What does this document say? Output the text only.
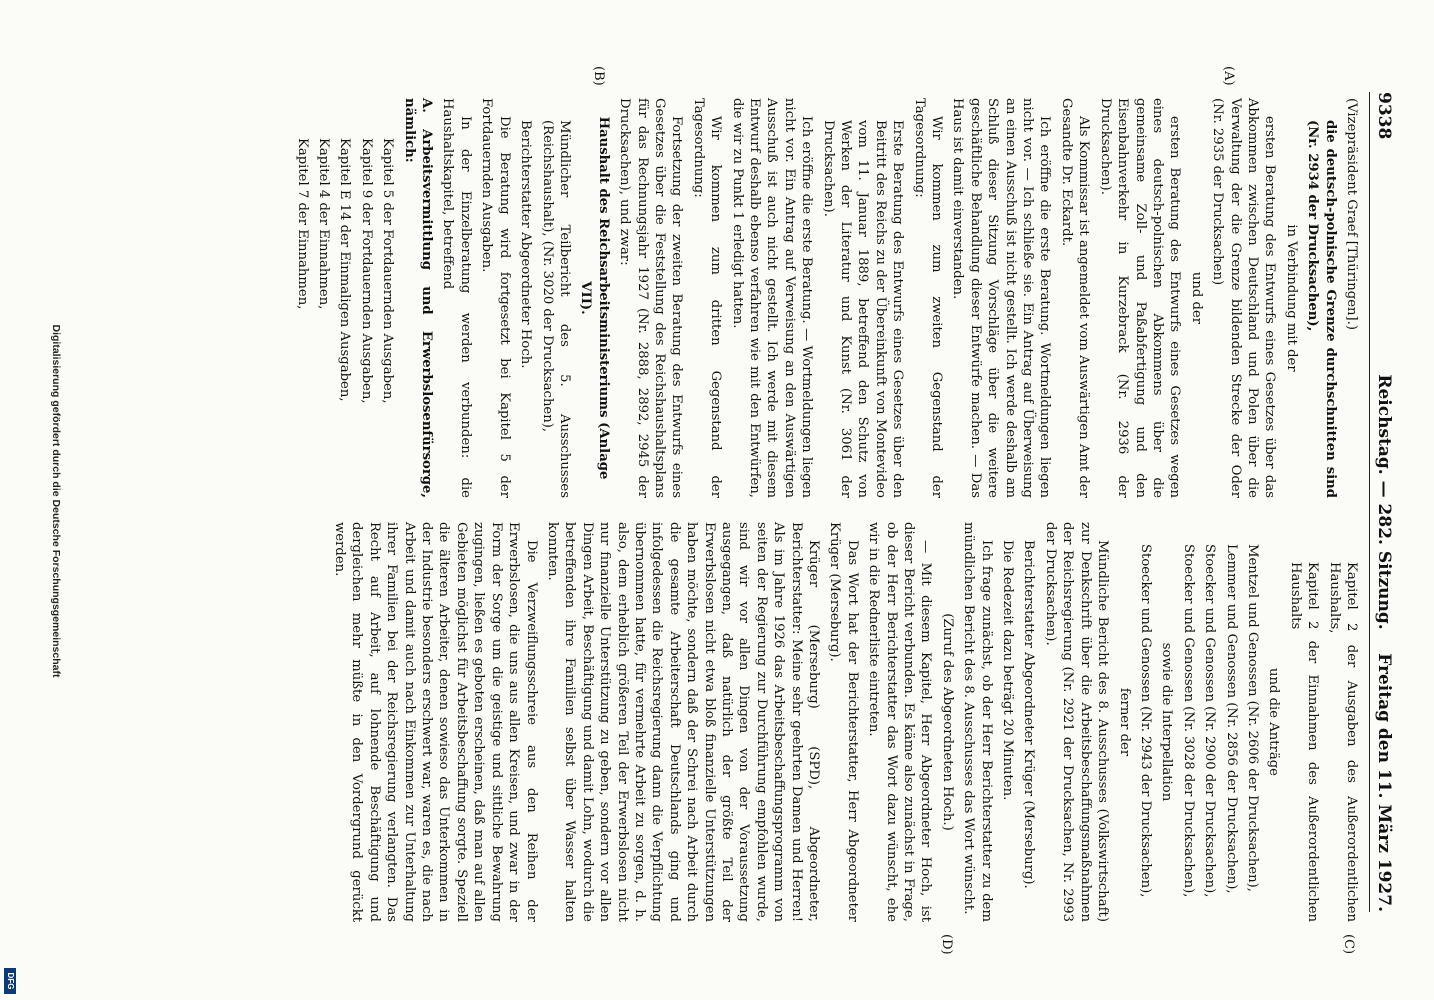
9338
Reichstag. — 282. Sitzung.
Freitag den 11. März 1927.
(A)
(B)
(C)
(D)

(Vizepräsident Graef [Thüringen].)

die deutsch-polnische Grenze durchschnitten sind (Nr. 2934 der Drucksachen),

in Verbindung mit der

ersten Beratung des Entwurfs eines Gesetzes über das Abkommen zwischen Deutschland und Polen über die Verwaltung der die Grenze bildenden Strecke der Oder (Nr. 2935 der Drucksachen)

und der

ersten Beratung des Entwurfs eines Gesetzes wegen eines deutsch-polnischen Abkommens über die gemeinsame Zoll- und Paßabfertigung und den Eisenbahnverkehr in Kurzebrack (Nr. 2936 der Drucksachen).

Als Kommissar ist angemeldet vom Auswärtigen Amt der Gesandte Dr. Eckardt.

Ich eröffne die erste Beratung. Wortmeldungen liegen nicht vor. — Ich schließe sie. Ein Antrag auf Überweisung an einen Ausschuß ist nicht gestellt. Ich werde deshalb am Schluß dieser Sitzung Vorschläge über die weitere geschäftliche Behandlung dieser Entwürfe machen. — Das Haus ist damit einverstanden.

Wir kommen zum zweiten Gegenstand der Tagesordnung:

Erste Beratung des Entwurfs eines Gesetzes über den Beitritt des Reichs zu der Übereinkunft von Montevideo vom 11. Januar 1889, betreffend den Schutz von Werken der Literatur und Kunst (Nr. 3061 der Drucksachen).

Ich eröffne die erste Beratung. — Wortmeldungen liegen nicht vor. Ein Antrag auf Verweisung an den Auswärtigen Ausschuß ist auch nicht gestellt. Ich werde mit diesem Entwurf deshalb ebenso verfahren wie mit den Entwürfen, die wir zu Punkt 1 erledigt hatten.

Wir kommen zum dritten Gegenstand der Tagesordnung:

Fortsetzung der zweiten Beratung des Entwurfs eines Gesetzes über die Feststellung des Reichshaushaltsplans für das Rechnungsjahr 1927 (Nr. 2888, 2892, 2945 der Drucksachen), und zwar:

Haushalt des Reichsarbeitsministeriums (Anlage VII).

Mündlicher Teilbericht des 5. Ausschusses (Reichshaushalt), (Nr. 3020 der Drucksachen),

Berichterstatter Abgeordneter Hoch.

Die Beratung wird fortgesetzt bei Kapitel 5 der Fortdauernden Ausgaben.

In der Einzelberatung werden verbunden: die Haushaltskapitel, betreffend

A. Arbeitsvermittlung und Erwerbslosenfürsorge, nämlich:

Kapitel 5 der Fortdauernden Ausgaben,

Kapitel 9 der Fortdauernden Ausgaben,

Kapitel E 14 der Einmaligen Ausgaben,

Kapitel 4 der Einnahmen,

Kapitel 7 der Einnahmen,

Kapitel 2 der Ausgaben des Außerordentlichen Haushalts,

Kapitel 2 der Einnahmen des Außerordentlichen Haushalts

und die Anträge

Mentzel und Genossen (Nr. 2606 der Drucksachen),

Lemmer und Genossen (Nr. 2856 der Drucksachen),

Stoecker und Genossen (Nr. 2900 der Drucksachen),

Stoecker und Genossen (Nr. 3028 der Drucksachen),

sowie die Interpellation

Stoecker und Genossen (Nr. 2943 der Drucksachen),

ferner der

Mündliche Bericht des 8. Ausschusses (Volkswirtschaft) zur Denkschrift über die Arbeitsbeschaffungsmaßnahmen der Reichsregierung (Nr. 2921 der Drucksachen, Nr. 2993 der Drucksachen).

Berichterstatter Abgeordneter Krüger (Merseburg).

Die Redezeit dazu beträgt 20 Minuten.

Ich frage zunächst, ob der Herr Berichterstatter zu dem mündlichen Bericht des 8. Ausschusses das Wort wünscht.

(Zuruf des Abgeordneten Hoch.)

— Mit diesem Kapitel, Herr Abgeordneter Hoch, ist dieser Bericht verbunden. Es käme also zunächst in Frage, ob der Herr Berichterstatter das Wort dazu wünscht, ehe wir in die Rednerliste eintreten.

Das Wort hat der Berichterstatter, Herr Abgeordneter Krüger (Merseburg).

Krüger (Merseburg) (SPD), Abgeordneter, Berichterstatter: Meine sehr geehrten Damen und Herren! Als im Jahre 1926 das Arbeitsbeschaffungsprogramm von seiten der Regierung zur Durchführung empfohlen wurde, sind wir vor allen Dingen von der Voraussetzung ausgegangen, daß natürlich der größte Teil der Erwerbslosen nicht etwa bloß finanzielle Unterstützungen haben möchte, sondern daß der Schrei nach Arbeit durch die gesamte Arbeiterschaft Deutschlands ging und infolgedessen die Reichsregierung dann die Verpflichtung übernommen hatte, für vermehrte Arbeit zu sorgen, d. h. also, dem erheblich größeren Teil der Erwerbslosen nicht nur finanzielle Unterstützung zu geben, sondern vor allen Dingen Arbeit, Beschäftigung und damit Lohn, wodurch die betreffenden ihre Familien selbst über Wasser halten konnten.

Die Verzweiflungsschreie aus den Reihen der Erwerbslosen, die uns aus allen Kreisen, und zwar in der Form der Sorge um die geistige und sittliche Bewahrung zugingen, ließen es geboten erscheinen, daß man auf allen Gebieten möglichst für Arbeitsbeschaffung sorgte. Speziell die älteren Arbeiter, denen sowieso das Unterkommen in der Industrie besonders erschwert war, waren es, die nach Arbeit und damit auch nach Einkommen zur Unterhaltung ihrer Familien bei der Reichsregierung verlangten. Das Recht auf Arbeit, auf lohnende Beschäftigung und dergleichen mehr müßte in den Vordergrund gerückt werden.

Digitalisierung gefördert durch die Deutsche Forschungsgemeinschaft
DFG
